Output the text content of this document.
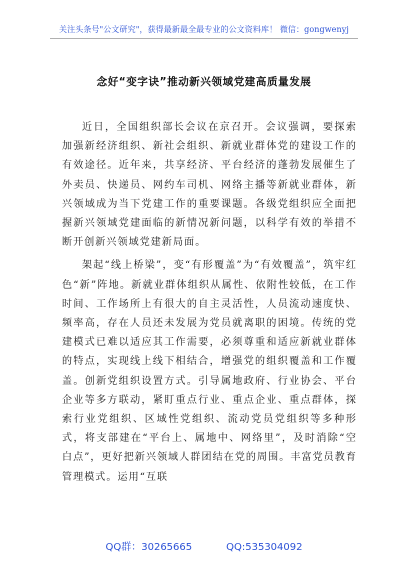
关注头条号"公文研究"，获得最新最全最专业的公文资料库！ 微信：gongwenyj
念好“变字诀”推动新兴领域党建高质量发展

近日，全国组织部长会议在京召开。会议强调，要探索加强新经济组织、新社会组织、新就业群体党的建设工作的有效途径。近年来，共享经济、平台经济的蓬勃发展催生了外卖员、快递员、网约车司机、网络主播等新就业群体，新兴领域成为当下党建工作的重要课题。各级党组织应全面把握新兴领域党建面临的新情况新问题，以科学有效的举措不断开创新兴领域党建新局面。

架起“线上桥梁”，变“有形覆盖”为“有效覆盖”，筑牢红色“新”阵地。新就业群体组织从属性、依附性较低，在工作时间、工作场所上有很大的自主灵活性，人员流动速度快、频率高，存在人员还未发展为党员就离职的困境。传统的党建模式已难以适应其工作需要，必须尊重和适应新就业群体的特点，实现线上线下相结合，增强党的组织覆盖和工作覆盖。创新党组织设置方式。引导属地政府、行业协会、平台企业等多方联动，紧盯重点行业、重点企业、重点群体，探索行业党组织、区域性党组织、流动党员党组织等多种形式，将支部建在“平台上、属地中、网络里”，及时消除“空白点”，更好把新兴领域人群团结在党的周围。丰富党员教育管理模式。运用“互联

QQ群：30265665	QQ:535304092
